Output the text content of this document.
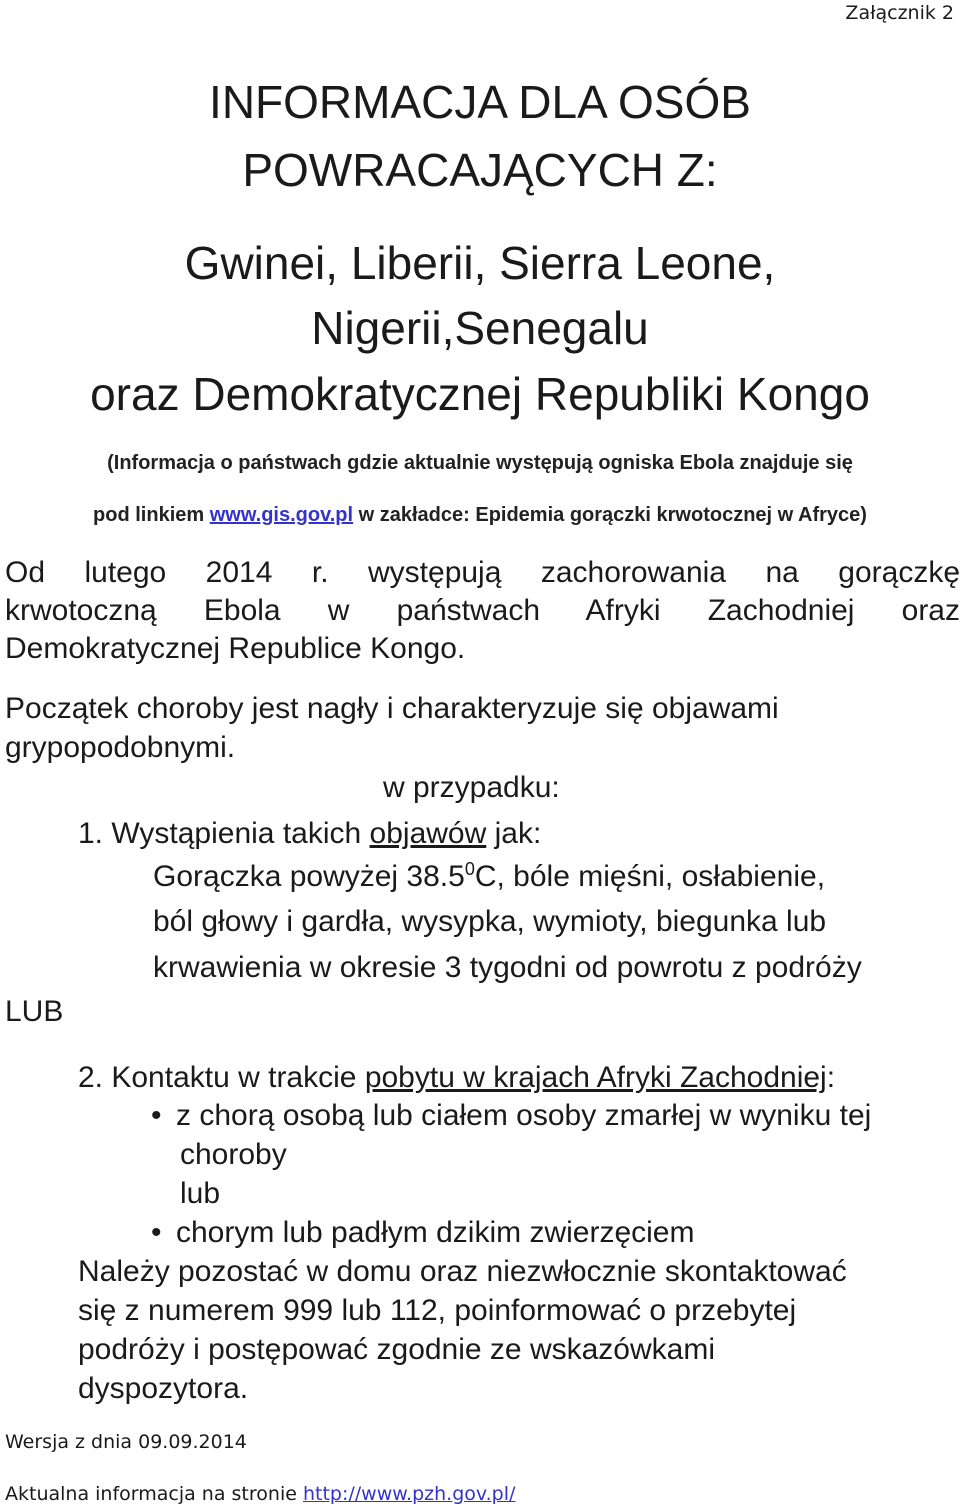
Załącznik 2
INFORMACJA DLA OSÓB
POWRACAJĄCYCH Z:
Gwinei, Liberii, Sierra Leone,
Nigerii,Senegalu
oraz Demokratycznej Republiki Kongo
(Informacja o państwach gdzie aktualnie występują ogniska Ebola znajduje się
pod linkiem www.gis.gov.pl w zakładce: Epidemia gorączki krwotocznej w Afryce)
Od lutego 2014 r. występują zachorowania na gorączkę
krwotoczną Ebola w państwach Afryki Zachodniej oraz
Demokratycznej Republice Kongo.
Początek choroby jest nagły i charakteryzuje się objawami
grypopodobnymi.
w przypadku:
1. Wystąpienia takich objawów jak:
Gorączka powyżej 38.5$^0$C, bóle mięśni, osłabienie,
ból głowy i gardła, wysypka, wymioty, biegunka lub
krwawienia w okresie 3 tygodni od powrotu z podróży
LUB
2. Kontaktu w trakcie pobytu w krajach Afryki Zachodniej:
• z chorą osobą lub ciałem osoby zmarłej w wyniku tej
choroby
lub
• chorym lub padłym dzikim zwierzęciem
Należy pozostać w domu oraz niezwłocznie skontaktować
się z numerem 999 lub 112, poinformować o przebytej
podróży i postępować zgodnie ze wskazówkami
dyspozytora.
Wersja z dnia 09.09.2014
Aktualna informacja na stronie http://www.pzh.gov.pl/
